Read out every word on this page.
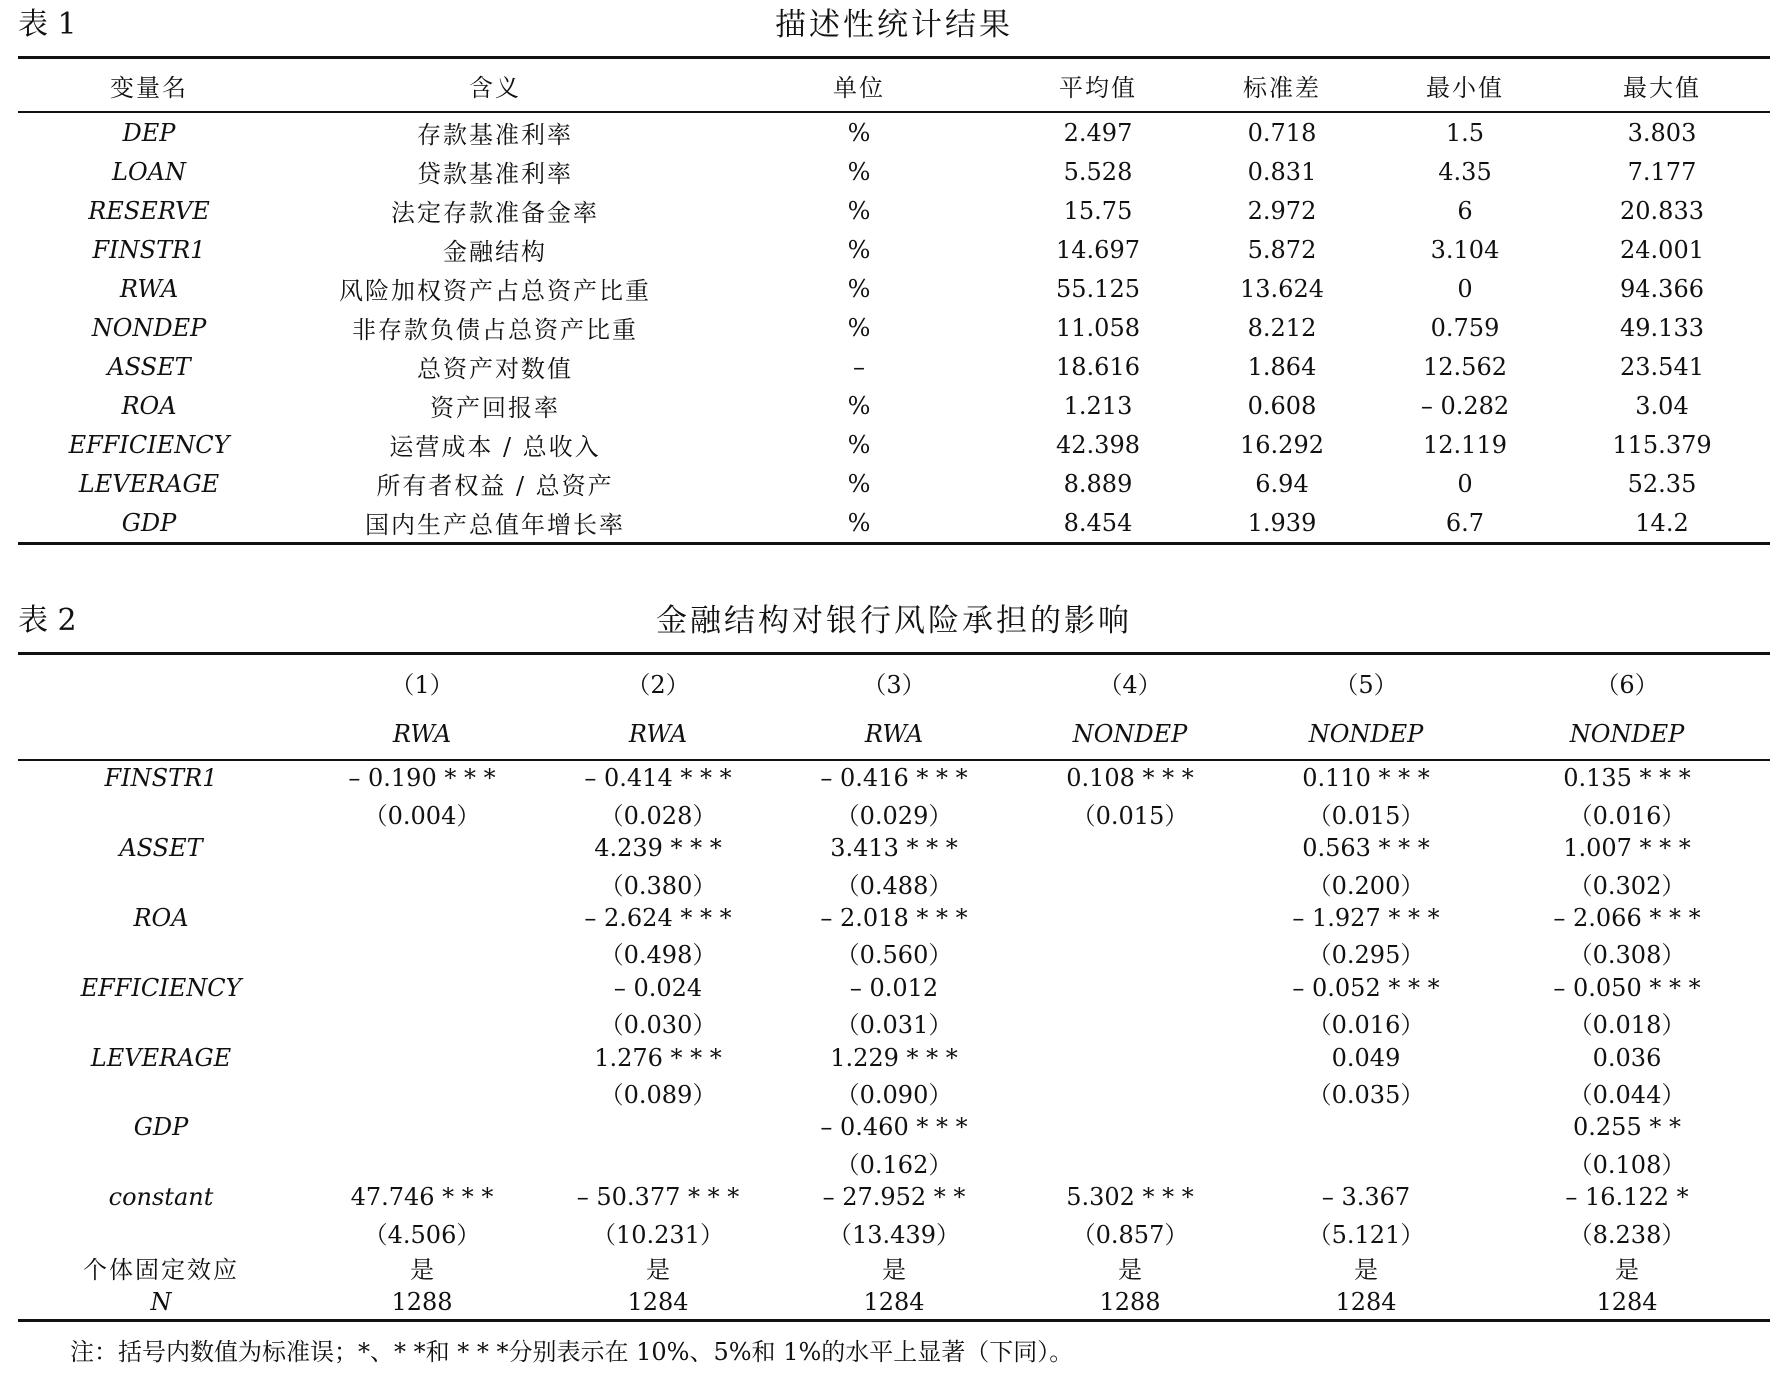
表 1	描述性统计结果
变量名	含义	单位	平均值	标准差	最小值	最大值
DEP	存款基准利率	%	2.497	0.718	1.5	3.803
LOAN	贷款基准利率	%	5.528	0.831	4.35	7.177
RESERVE	法定存款准备金率	%	15.75	2.972	6	20.833
FINSTR1	金融结构	%	14.697	5.872	3.104	24.001
RWA	风险加权资产占总资产比重	%	55.125	13.624	0	94.366
NONDEP	非存款负债占总资产比重	%	11.058	8.212	0.759	49.133
ASSET	总资产对数值	–	18.616	1.864	12.562	23.541
ROA	资产回报率	%	1.213	0.608	– 0.282	3.04
EFFICIENCY	运营成本 / 总收入	%	42.398	16.292	12.119	115.379
LEVERAGE	所有者权益 / 总资产	%	8.889	6.94	0	52.35
GDP	国内生产总值年增长率	%	8.454	1.939	6.7	14.2
表 2	金融结构对银行风险承担的影响
	（1）	（2）	（3）	（4）	（5）	（6）
	RWA	RWA	RWA	NONDEP	NONDEP	NONDEP
FINSTR1	– 0.190 * * *	– 0.414 * * *	– 0.416 * * *	0.108 * * *	0.110 * * *	0.135 * * *
	（0.004）	（0.028）	（0.029）	（0.015）	（0.015）	（0.016）
ASSET		4.239 * * *	3.413 * * *		0.563 * * *	1.007 * * *
		（0.380）	（0.488）		（0.200）	（0.302）
ROA		– 2.624 * * *	– 2.018 * * *		– 1.927 * * *	– 2.066 * * *
		（0.498）	（0.560）		（0.295）	（0.308）
EFFICIENCY		– 0.024	– 0.012		– 0.052 * * *	– 0.050 * * *
		（0.030）	（0.031）		（0.016）	（0.018）
LEVERAGE		1.276 * * *	1.229 * * *		0.049	0.036
		（0.089）	（0.090）		（0.035）	（0.044）
GDP			– 0.460 * * *			0.255 * *
			（0.162）			（0.108）
constant	47.746 * * *	– 50.377 * * *	– 27.952 * *	5.302 * * *	– 3.367	– 16.122 *
	（4.506）	（10.231）	（13.439）	（0.857）	（5.121）	（8.238）
个体固定效应	是	是	是	是	是	是
N	1288	1284	1284	1288	1284	1284
注：括号内数值为标准误；*、* *和 * * *分别表示在 10%、5%和 1%的水平上显著（下同）。
